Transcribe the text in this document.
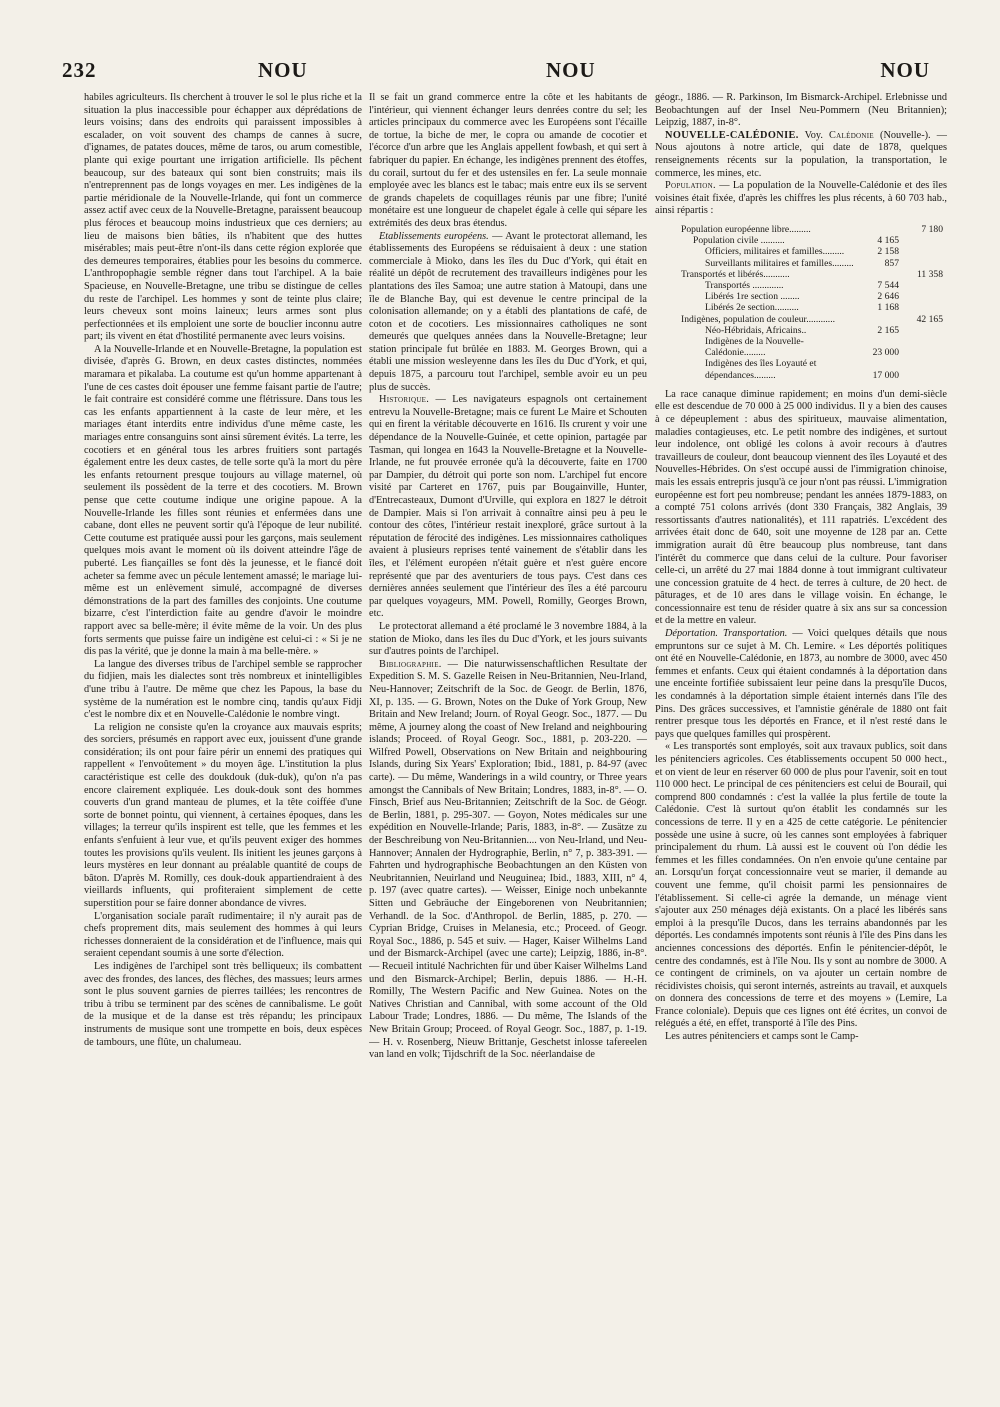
232	NOU	NOU	NOU

habiles agriculteurs. Ils cherchent à trouver le sol le plus riche et la situation la plus inaccessible pour échapper aux déprédations de leurs voisins; dans des endroits qui paraissent impossibles à escalader, on voit souvent des champs de cannes à sucre, d'ignames, de patates douces, même de taros, ou arum comestible, plante qui exige pourtant une irrigation artificielle. Ils pêchent beaucoup, sur des bateaux qui sont bien construits; mais ils n'entreprennent pas de longs voyages en mer. Les indigènes de la partie méridionale de la Nouvelle-Irlande, qui font un commerce assez actif avec ceux de la Nouvelle-Bretagne, paraissent beaucoup plus féroces et beaucoup moins industrieux que ces derniers; au lieu de maisons bien bâties, ils n'habitent que des huttes misérables; mais peut-être n'ont-ils dans cette région explorée que des demeures temporaires, établies pour les besoins du commerce. L'anthropophagie semble régner dans tout l'archipel. A la baie Spacieuse, en Nouvelle-Bretagne, une tribu se distingue de celles du reste de l'archipel. Les hommes y sont de teinte plus claire; leurs cheveux sont moins laineux; leurs armes sont plus perfectionnées et ils emploient une sorte de bouclier inconnu autre part; ils vivent en état d'hostilité permanente avec leurs voisins.

A la Nouvelle-Irlande et en Nouvelle-Bretagne, la population est divisée, d'après G. Brown, en deux castes distinctes, nommées maramara et pikalaba. La coutume est qu'un homme appartenant à l'une de ces castes doit épouser une femme faisant partie de l'autre; le fait contraire est considéré comme une flétrissure. Dans tous les cas les enfants appartiennent à la caste de leur mère, et les mariages étant interdits entre individus d'une même caste, les mariages entre consanguins sont ainsi sûrement évités. La terre, les cocotiers et en général tous les arbres fruitiers sont partagés également entre les deux castes, de telle sorte qu'à la mort du père les enfants retournent presque toujours au village maternel, où seulement ils possèdent de la terre et des cocotiers. M. Brown pense que cette coutume indique une origine papoue. A la Nouvelle-Irlande les filles sont réunies et enfermées dans une cabane, dont elles ne peuvent sortir qu'à l'époque de leur nubilité. Cette coutume est pratiquée aussi pour les garçons, mais seulement quelques mois avant le moment où ils doivent atteindre l'âge de puberté. Les fiançailles se font dès la jeunesse, et le fiancé doit acheter sa femme avec un pécule lentement amassé; le mariage lui-même est un enlèvement simulé, accompagné de diverses démonstrations de la part des familles des conjoints. Une coutume bizarre, c'est l'interdiction faite au gendre d'avoir le moindre rapport avec sa belle-mère; il évite même de la voir. Un des plus forts serments que puisse faire un indigène est celui-ci : « Si je ne dis pas la vérité, que je donne la main à ma belle-mère. »

La langue des diverses tribus de l'archipel semble se rapprocher du fidjien, mais les dialectes sont très nombreux et inintelligibles d'une tribu à l'autre. De même que chez les Papous, la base du système de la numération est le nombre cinq, tandis qu'aux Fidji c'est le nombre dix et en Nouvelle-Calédonie le nombre vingt.

La religion ne consiste qu'en la croyance aux mauvais esprits; des sorciers, présumés en rapport avec eux, jouissent d'une grande considération; ils ont pour faire périr un ennemi des pratiques qui rappellent « l'envoûtement » du moyen âge. L'institution la plus caractéristique est celle des doukdouk (duk-duk), qu'on n'a pas encore clairement expliquée. Les douk-douk sont des hommes couverts d'un grand manteau de plumes, et la tête coiffée d'une sorte de bonnet pointu, qui viennent, à certaines époques, dans les villages; la terreur qu'ils inspirent est telle, que les femmes et les enfants s'enfuient à leur vue, et qu'ils peuvent exiger des hommes toutes les provisions qu'ils veulent. Ils initient les jeunes garçons à leurs mystères en leur donnant au préalable quantité de coups de bâton. D'après M. Romilly, ces douk-douk appartiendraient à des vieillards influents, qui profiteraient simplement de cette superstition pour se faire donner abondance de vivres.

L'organisation sociale paraît rudimentaire; il n'y aurait pas de chefs proprement dits, mais seulement des hommes à qui leurs richesses donneraient de la considération et de l'influence, mais qui seraient cependant soumis à une sorte d'élection.

Les indigènes de l'archipel sont très belliqueux; ils combattent avec des frondes, des lances, des flèches, des massues; leurs armes sont le plus souvent garnies de pierres taillées; les rencontres de tribu à tribu se terminent par des scènes de cannibalisme. Le goût de la musique et de la danse est très répandu; les principaux instruments de musique sont une trompette en bois, deux espèces de tambours, une flûte, un chalumeau.

Il se fait un grand commerce entre la côte et les habitants de l'intérieur, qui viennent échanger leurs denrées contre du sel; les articles principaux du commerce avec les Européens sont l'écaille de tortue, la biche de mer, le copra ou amande de cocotier et l'écorce d'un arbre que les Anglais appellent fowbash, et qui sert à fabriquer du papier. En échange, les indigènes prennent des étoffes, du corail, surtout du fer et des ustensiles en fer. La seule monnaie employée avec les blancs est le tabac; mais entre eux ils se servent de grands chapelets de coquillages réunis par une fibre; l'unité monétaire est une longueur de chapelet égale à celle qui sépare les extrémités des deux bras étendus.

Etablissements européens. — Avant le protectorat allemand, les établissements des Européens se réduisaient à deux : une station commerciale à Mioko, dans les îles du Duc d'York, qui était en réalité un dépôt de recrutement des travailleurs indigènes pour les plantations des îles Samoa; une autre station à Matoupi, dans une île de Blanche Bay, qui est devenue le centre principal de la colonisation allemande; on y a établi des plantations de café, de coton et de cocotiers. Les missionnaires catholiques ne sont demeurés que quelques années dans la Nouvelle-Bretagne; leur station principale fut brûlée en 1883. M. Georges Brown, qui a établi une mission wesleyenne dans les îles du Duc d'York, et qui, depuis 1875, a parcouru tout l'archipel, semble avoir eu un peu plus de succès.

Historique. — Les navigateurs espagnols ont certainement entrevu la Nouvelle-Bretagne; mais ce furent Le Maire et Schouten qui en firent la véritable découverte en 1616. Ils crurent y voir une dépendance de la Nouvelle-Guinée, et cette opinion, partagée par Tasman, qui longea en 1643 la Nouvelle-Bretagne et la Nouvelle-Irlande, ne fut prouvée erronée qu'à la découverte, faite en 1700 par Dampier, du détroit qui porte son nom. L'archipel fut encore visité par Carteret en 1767, puis par Bougainville, Hunter, d'Entrecasteaux, Dumont d'Urville, qui explora en 1827 le détroit de Dampier. Mais si l'on arrivait à connaître ainsi peu à peu le contour des côtes, l'intérieur restait inexploré, grâce surtout à la réputation de férocité des indigènes. Les missionnaires catholiques avaient à plusieurs reprises tenté vainement de s'établir dans les îles, et l'élément européen n'était guère et n'est guère encore représenté que par des aventuriers de tous pays. C'est dans ces dernières années seulement que l'intérieur des îles a été parcouru par quelques voyageurs, MM. Powell, Romilly, Georges Brown, etc.

Le protectorat allemand a été proclamé le 3 novembre 1884, à la station de Mioko, dans les îles du Duc d'York, et les jours suivants sur d'autres points de l'archipel.

Bibliographie. — Die naturwissenschaftlichen Resultate der Expedition S. M. S. Gazelle Reisen in Neu-Britannien, Neu-Irland, Neu-Hannover; Zeitschrift de la Soc. de Geogr. de Berlin, 1876, XI, p. 135. — G. Brown, Notes on the Duke of York Group, New Britain and New Ireland; Journ. of Royal Geogr. Soc., 1877. — Du même, A journey along the coast of New Ireland and neighbouring islands; Proceed. of Royal Geogr. Soc., 1881, p. 203-220. — Wilfred Powell, Observations on New Britain and neighbouring Islands, during Six Years' Exploration; Ibid., 1881, p. 84-97 (avec carte). — Du même, Wanderings in a wild country, or Three years amongst the Cannibals of New Britain; Londres, 1883, in-8°. — O. Finsch, Brief aus Neu-Britannien; Zeitschrift de la Soc. de Géogr. de Berlin, 1881, p. 295-307. — Goyon, Notes médicales sur une expédition en Nouvelle-Irlande; Paris, 1883, in-8°. — Zusätze zu der Beschreibung von Neu-Britannien.... von Neu-Irland, und Neu-Hannover; Annalen der Hydrographie, Berlin, n° 7, p. 383-391. — Fahrten und hydrographische Beobachtungen an den Küsten von Neubritannien, Neuirland und Neuguinea; Ibid., 1883, XIII, n° 4, p. 197 (avec quatre cartes). — Weisser, Einige noch unbekannte Sitten und Gebräuche der Eingeborenen von Neubritannien; Verhandl. de la Soc. d'Anthropol. de Berlin, 1885, p. 270. — Cyprian Bridge, Cruises in Melanesia, etc.; Proceed. of Geogr. Royal Soc., 1886, p. 545 et suiv. — Hager, Kaiser Wilhelms Land und der Bismarck-Archipel (avec une carte); Leipzig, 1886, in-8°. — Recueil intitulé Nachrichten für und über Kaiser Wilhelms Land und den Bismarck-Archipel; Berlin, depuis 1886. — H.-H. Romilly, The Western Pacific and New Guinea. Notes on the Natives Christian and Cannibal, with some account of the Old Labour Trade; Londres, 1886. — Du même, The Islands of the New Britain Group; Proceed. of Royal Geogr. Soc., 1887, p. 1-19. — H. v. Rosenberg, Nieuw Brittanje, Geschetst inlosse tafereelen van land en volk; Tijdschrift de la Soc. néerlandaise de

géogr., 1886. — R. Parkinson, Im Bismarck-Archipel. Erlebnisse und Beobachtungen auf der Insel Neu-Pommern (Neu Britannien); Leipzig, 1887, in-8°.

NOUVELLE-CALÉDONIE. Voy. Calédonie (Nouvelle-). — Nous ajoutons à notre article, qui date de 1878, quelques renseignements récents sur la population, la transportation, le commerce, les mines, etc.

Population. — La population de la Nouvelle-Calédonie et des îles voisines était fixée, d'après les chiffres les plus récents, à 60 703 hab., ainsi répartis :

Population européenne libre.........		7 180
Population civile ..........	4 165	
Officiers, militaires et familles.........	2 158	
Surveillants militaires et familles.........	857	
Transportés et libérés...........		11 358
Transportés .............	7 544	
Libérés 1re section ........	2 646	
Libérés 2e section..........	1 168	
Indigènes, population de couleur............		42 165
Néo-Hébridais, Africains..	2 165	
Indigènes de la Nouvelle-Calédonie.........	23 000	
Indigènes des îles Loyauté et dépendances.........	17 000	

La race canaque diminue rapidement; en moins d'un demi-siècle elle est descendue de 70 000 à 25 000 individus. Il y a bien des causes à ce dépeuplement : abus des spiritueux, mauvaise alimentation, maladies contagieuses, etc. Le petit nombre des indigènes, et surtout leur indolence, ont obligé les colons à avoir recours à d'autres travailleurs de couleur, dont beaucoup viennent des îles Loyauté et des Nouvelles-Hébrides. On s'est occupé aussi de l'immigration chinoise, mais les essais entrepris jusqu'à ce jour n'ont pas réussi. L'immigration européenne est fort peu nombreuse; pendant les années 1879-1883, on a compté 751 colons arrivés (dont 330 Français, 382 Anglais, 39 ressortissants d'autres nationalités), et 111 rapatriés. L'excédent des arrivées était donc de 640, soit une moyenne de 128 par an. Cette immigration aurait dû être beaucoup plus nombreuse, tant dans l'intérêt du commerce que dans celui de la culture. Pour favoriser celle-ci, un arrêté du 27 mai 1884 donne à tout immigrant cultivateur une concession gratuite de 4 hect. de terres à culture, de 20 hect. de pâturages, et de 10 ares dans le village voisin. En échange, le concessionnaire est tenu de résider quatre à six ans sur sa concession et de la mettre en valeur.

Déportation. Transportation. — Voici quelques détails que nous empruntons sur ce sujet à M. Ch. Lemire. « Les déportés politiques ont été en Nouvelle-Calédonie, en 1873, au nombre de 3000, avec 450 femmes et enfants. Ceux qui étaient condamnés à la déportation dans une enceinte fortifiée subissaient leur peine dans la presqu'île Ducos, les condamnés à la déportation simple étaient internés dans l'île des Pins. Des grâces successives, et l'amnistie générale de 1880 ont fait rentrer presque tous les déportés en France, et il n'est resté dans le pays que quelques familles qui prospèrent.

« Les transportés sont employés, soit aux travaux publics, soit dans les pénitenciers agricoles. Ces établissements occupent 50 000 hect., et on vient de leur en réserver 60 000 de plus pour l'avenir, soit en tout 110 000 hect. Le principal de ces pénitenciers est celui de Bourail, qui comprend 800 condamnés : c'est la vallée la plus fertile de toute la Calédonie. C'est là surtout qu'on établit les condamnés sur les concessions de terre. Il y en a 425 de cette catégorie. Le pénitencier possède une usine à sucre, où les cannes sont employées à fabriquer principalement du rhum. Là aussi est le couvent où l'on dédie les femmes et les filles condamnées. On n'en envoie qu'une centaine par an. Lorsqu'un forçat concessionnaire veut se marier, il demande au couvent une femme, qu'il choisit parmi les pensionnaires de l'établissement. Si celle-ci agrée la demande, un ménage vient s'ajouter aux 250 ménages déjà existants. On a placé les libérés sans emploi à la presqu'île Ducos, dans les terrains abandonnés par les déportés. Les condamnés impotents sont réunis à l'île des Pins dans les anciennes concessions des déportés. Enfin le pénitencier-dépôt, le centre des condamnés, est à l'île Nou. Ils y sont au nombre de 3000. A ce contingent de criminels, on va ajouter un certain nombre de récidivistes choisis, qui seront internés, astreints au travail, et auxquels on donnera des concessions de terre et des moyens » (Lemire, La France coloniale). Depuis que ces lignes ont été écrites, un convoi de relégués a été, en effet, transporté à l'île des Pins.

Les autres pénitenciers et camps sont le Camp-
